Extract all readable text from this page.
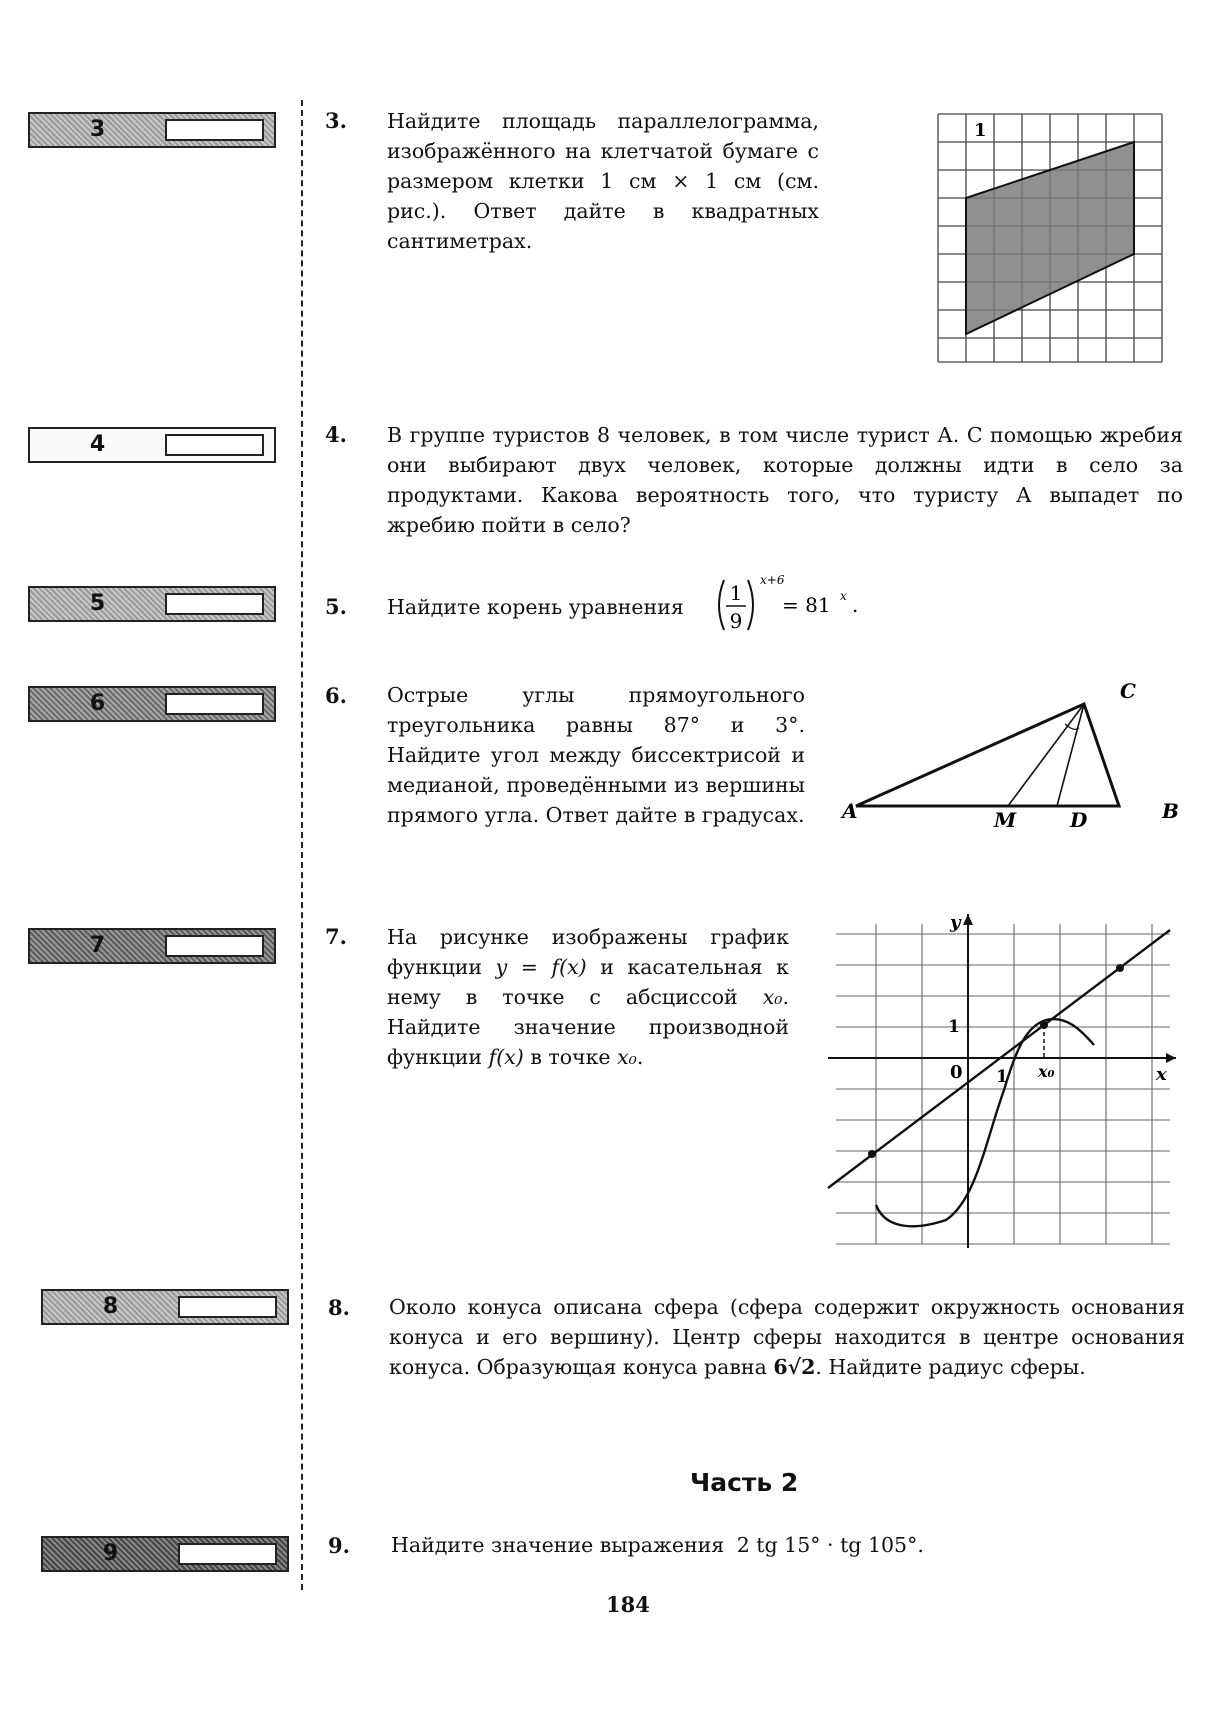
3
4
5
6
7
8
9
3. Найдите площадь параллелограмма, изображённого на клетчатой бумаге с размером клетки 1 см × 1 см (см. рис.). Ответ дайте в квадратных сантиметрах.
1
4. В группе туристов 8 человек, в том числе турист А. С помощью жребия они выбирают двух человек, которые должны идти в село за продуктами. Какова вероятность того, что туристу А выпадет по жребию пойти в село?
5. Найдите корень уравнения
1
9
x+6
= 81 x .
6. Острые углы прямоугольного треугольника равны 87° и 3°. Найдите угол между биссектрисой и медианой, проведёнными из вершины прямого угла. Ответ дайте в градусах. A	B
C
M	D
7. На рисунке изображены график функции y = f(x) и касательная к нему в точке с абсциссой x₀. Найдите значение производной функции f(x) в точке x₀.
y
x
0 1
1
x₀
8. Около конуса описана сфера (сфера содержит окружность основания конуса и его вершину). Центр сферы находится в центре основания конуса. Образующая конуса равна 6√2. Найдите радиус сферы.
Часть 2
9. Найдите значение выражения 2 tg 15° · tg 105°.
184
